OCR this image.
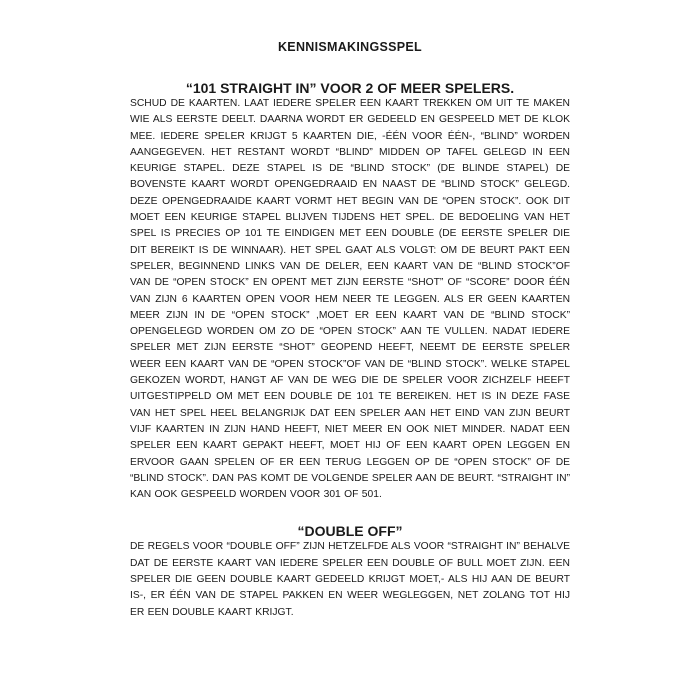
KENNISMAKINGSSPEL
“101 STRAIGHT IN” VOOR 2 OF MEER SPELERS.

SCHUD DE KAARTEN. LAAT IEDERE SPELER EEN KAART TREKKEN OM UIT TE MAKEN WIE ALS EERSTE DEELT. DAARNA WORDT ER GEDEELD EN GESPEELD MET DE KLOK MEE. IEDERE SPELER KRIJGT 5 KAARTEN DIE, -ÉÉN VOOR ÉÉN-, “BLIND” WORDEN AANGEGEVEN. HET RESTANT WORDT “BLIND” MIDDEN OP TAFEL GELEGD IN EEN KEURIGE STAPEL. DEZE STAPEL IS DE “BLIND STOCK” (DE BLINDE STAPEL) DE BOVENSTE KAART WORDT OPENGEDRAAID EN NAAST DE “BLIND STOCK” GELEGD. DEZE OPENGEDRAAIDE KAART VORMT HET BEGIN VAN DE “OPEN STOCK”. OOK DIT MOET EEN KEURIGE STAPEL BLIJVEN TIJDENS HET SPEL. DE BEDOELING VAN HET SPEL IS PRECIES OP 101 TE EINDIGEN MET EEN DOUBLE (DE EERSTE SPELER DIE DIT BEREIKT IS DE WINNAAR). HET SPEL GAAT ALS VOLGT: OM DE BEURT PAKT EEN SPELER, BEGINNEND LINKS VAN DE DELER, EEN KAART VAN DE “BLIND STOCK”OF VAN DE “OPEN STOCK” EN OPENT MET ZIJN EERSTE “SHOT” OF “SCORE” DOOR ÉÉN VAN ZIJN 6 KAARTEN OPEN VOOR HEM NEER TE LEGGEN. ALS ER GEEN KAARTEN MEER ZIJN IN DE “OPEN STOCK” ,MOET ER EEN KAART VAN DE “BLIND STOCK” OPENGELEGD WORDEN OM ZO DE “OPEN STOCK” AAN TE VULLEN. NADAT IEDERE SPELER MET ZIJN EERSTE “SHOT” GEOPEND HEEFT, NEEMT DE EERSTE SPELER WEER EEN KAART VAN DE “OPEN STOCK”OF VAN DE “BLIND STOCK”. WELKE STAPEL GEKOZEN WORDT, HANGT AF VAN DE WEG DIE DE SPELER VOOR ZICHZELF HEEFT UITGESTIPPELD OM MET EEN DOUBLE DE 101 TE BEREIKEN. HET IS IN DEZE FASE VAN HET SPEL HEEL BELANGRIJK DAT EEN SPELER AAN HET EIND VAN ZIJN BEURT VIJF KAARTEN IN ZIJN HAND HEEFT, NIET MEER EN OOK NIET MINDER. NADAT EEN SPELER EEN KAART GEPAKT HEEFT, MOET HIJ OF EEN KAART OPEN LEGGEN EN ERVOOR GAAN SPELEN OF ER EEN TERUG LEGGEN OP DE “OPEN STOCK” OF DE “BLIND STOCK”. DAN PAS KOMT DE VOLGENDE SPELER AAN DE BEURT. “STRAIGHT IN” KAN OOK GESPEELD WORDEN VOOR 301 OF 501.

“DOUBLE OFF”

DE REGELS VOOR “DOUBLE OFF” ZIJN HETZELFDE ALS VOOR “STRAIGHT IN” BEHALVE DAT DE EERSTE KAART VAN IEDERE SPELER EEN DOUBLE OF BULL MOET ZIJN. EEN SPELER DIE GEEN DOUBLE KAART GEDEELD KRIJGT MOET,- ALS HIJ AAN DE BEURT IS-, ER ÉÉN VAN DE STAPEL PAKKEN EN WEER WEGLEGGEN, NET ZOLANG TOT HIJ ER EEN DOUBLE KAART KRIJGT.
